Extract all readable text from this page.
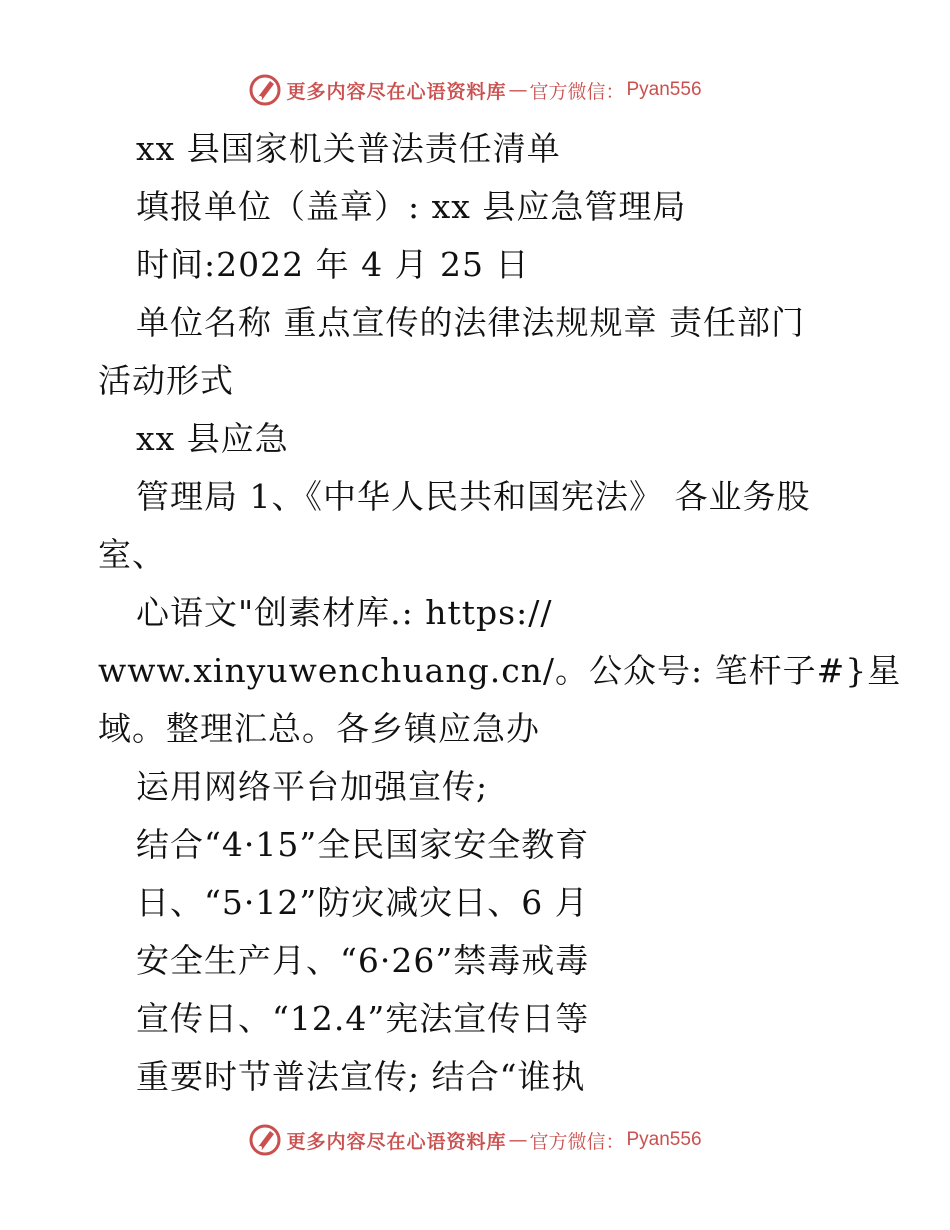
更多内容尽在心语资料库 — 官方微信： Pyan556
xx 县国家机关普法责任清单
填报单位（盖章）: xx 县应急管理局
时间:2022 年 4 月 25 日
单位名称 重点宣传的法律法规规章 责任部门
活动形式
xx 县应急
管理局 1、《中华人民共和国宪法》 各业务股
室、
心语文"创素材库.: https://
www.xinyuwenchuang.cn/。公众号: 笔杆子#}星
域。整理汇总。各乡镇应急办
运用网络平台加强宣传;
结合“4·15”全民国家安全教育
日、“5·12”防灾减灾日、6 月
安全生产月、“6·26”禁毒戒毒
宣传日、“12.4”宪法宣传日等
重要时节普法宣传; 结合“谁执
更多内容尽在心语资料库 — 官方微信： Pyan556
